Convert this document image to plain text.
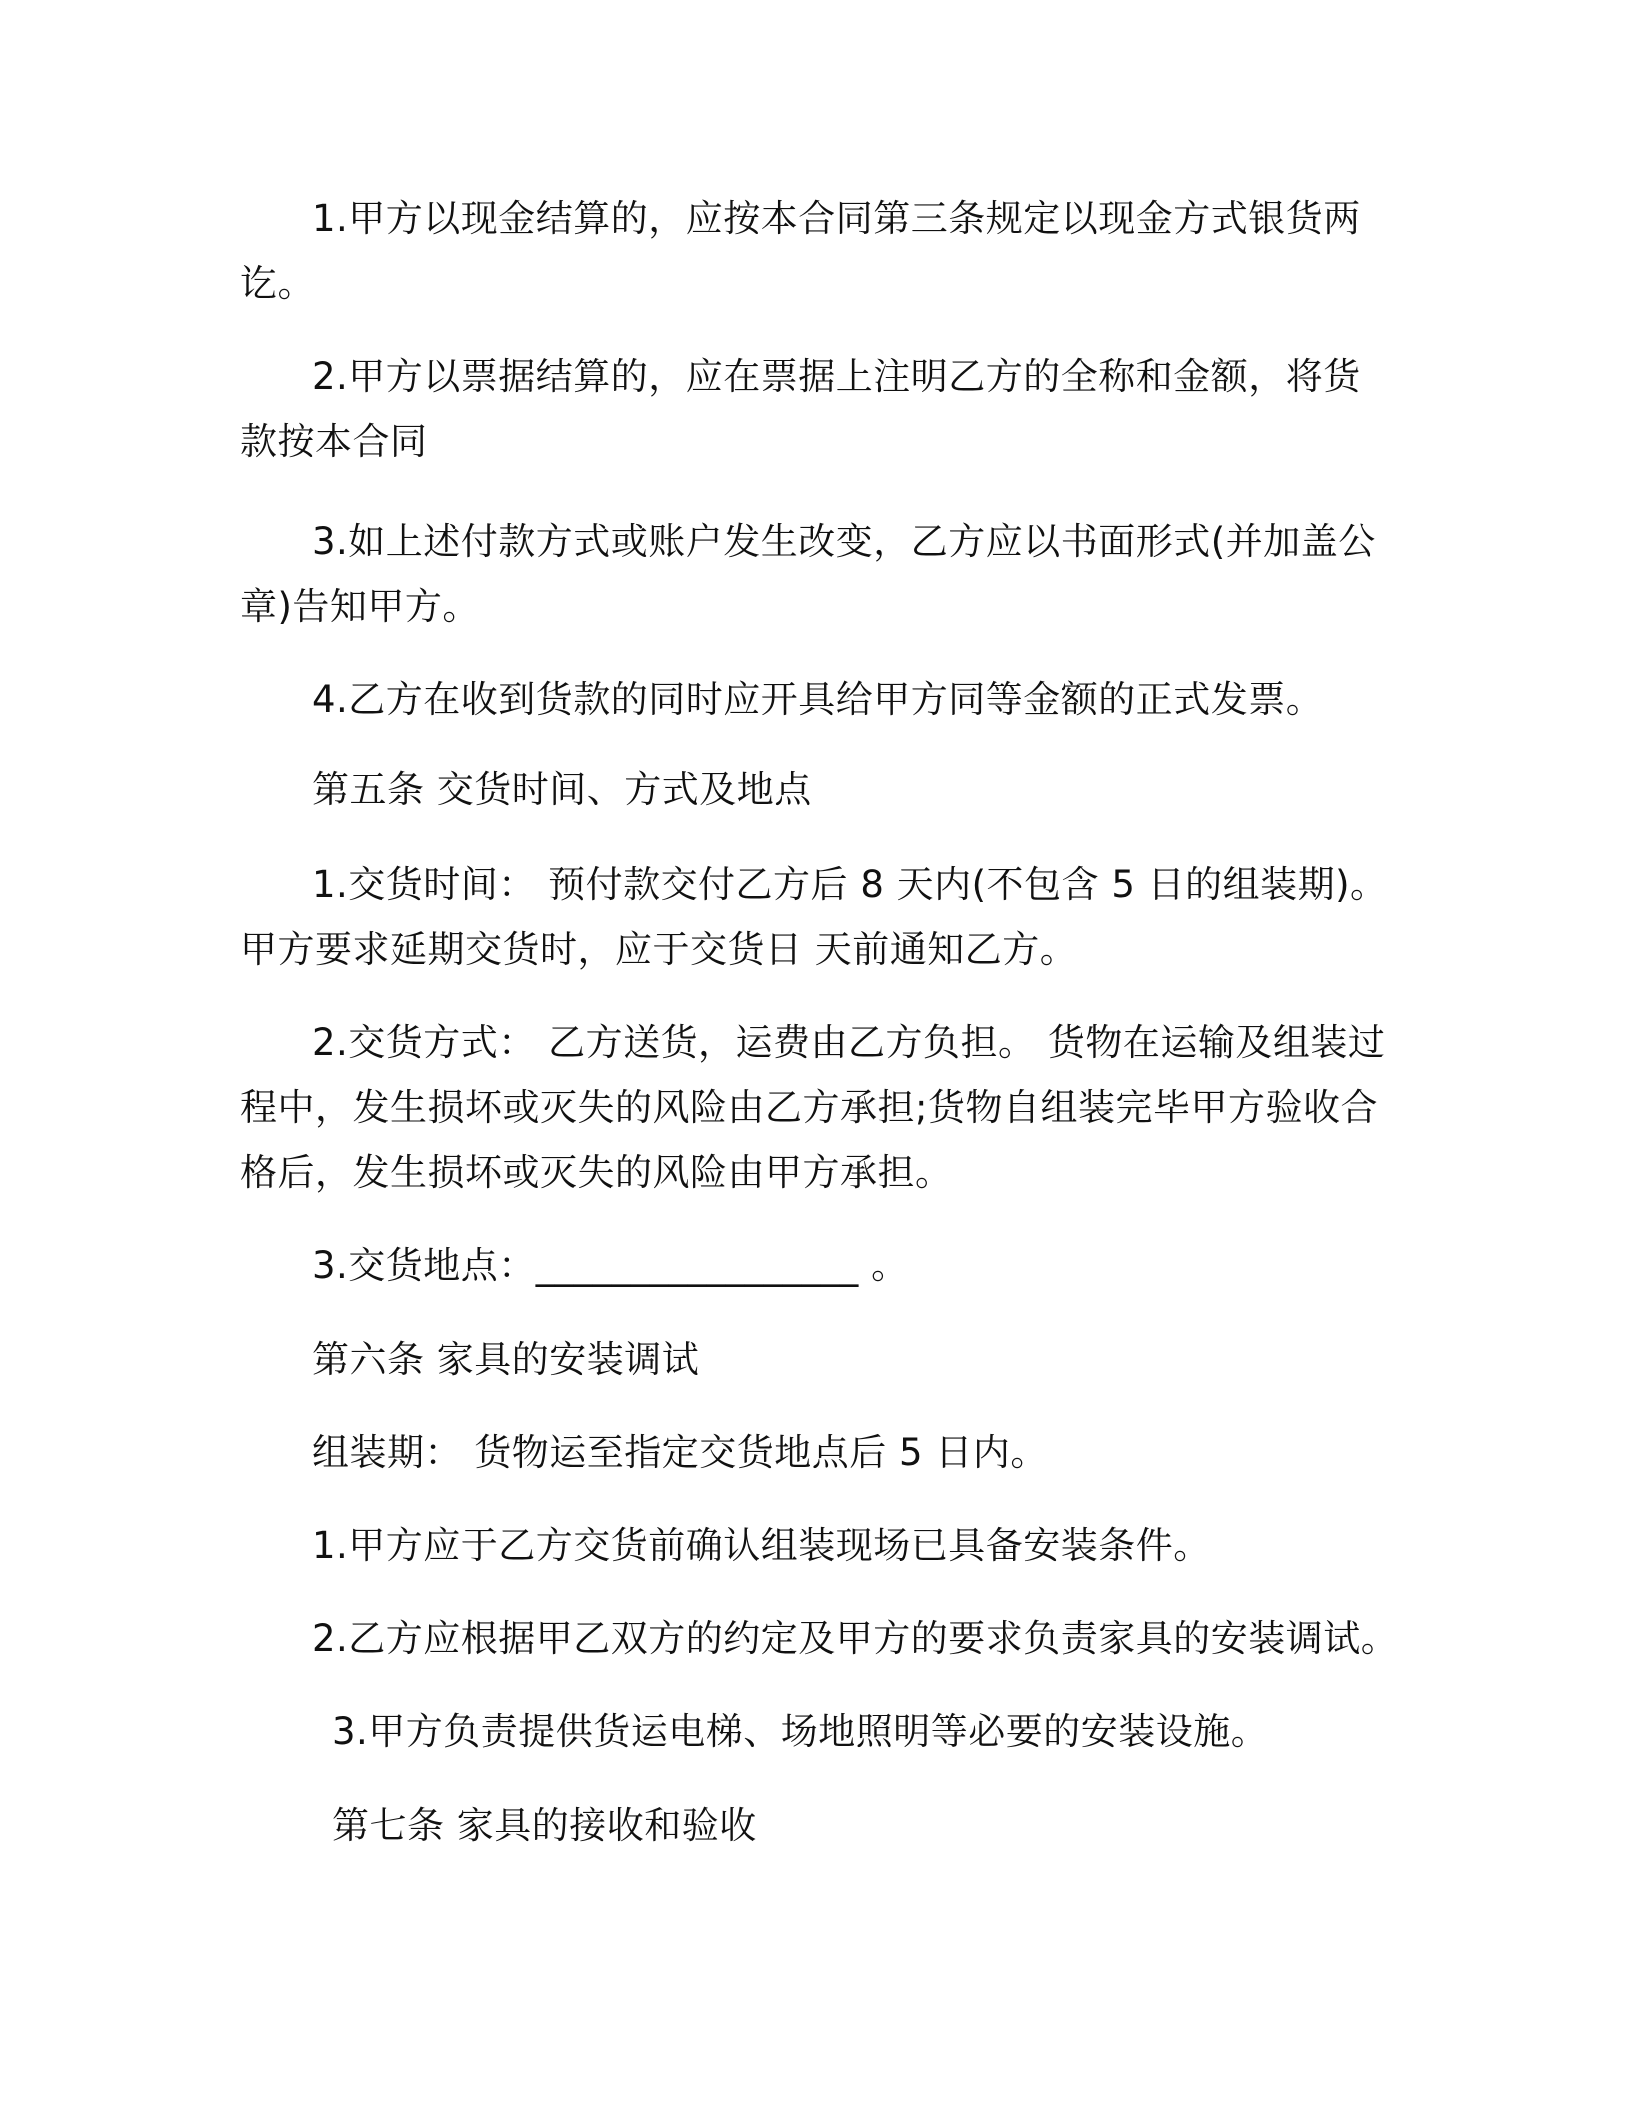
1.甲方以现金结算的，应按本合同第三条规定以现金方式银货两
讫。
2.甲方以票据结算的，应在票据上注明乙方的全称和金额，将货
款按本合同
3.如上述付款方式或账户发生改变，乙方应以书面形式(并加盖公
章)告知甲方。
4.乙方在收到货款的同时应开具给甲方同等金额的正式发票。
第五条 交货时间、方式及地点
1.交货时间： 预付款交付乙方后 8 天内(不包含 5 日的组装期)。
甲方要求延期交货时，应于交货日 天前通知乙方。
2.交货方式： 乙方送货，运费由乙方负担。 货物在运输及组装过
程中，发生损坏或灭失的风险由乙方承担;货物自组装完毕甲方验收合
格后，发生损坏或灭失的风险由甲方承担。
3.交货地点：_________________ 。
第六条 家具的安装调试
组装期： 货物运至指定交货地点后 5 日内。
1.甲方应于乙方交货前确认组装现场已具备安装条件。
2.乙方应根据甲乙双方的约定及甲方的要求负责家具的安装调试。
3.甲方负责提供货运电梯、场地照明等必要的安装设施。
第七条 家具的接收和验收
